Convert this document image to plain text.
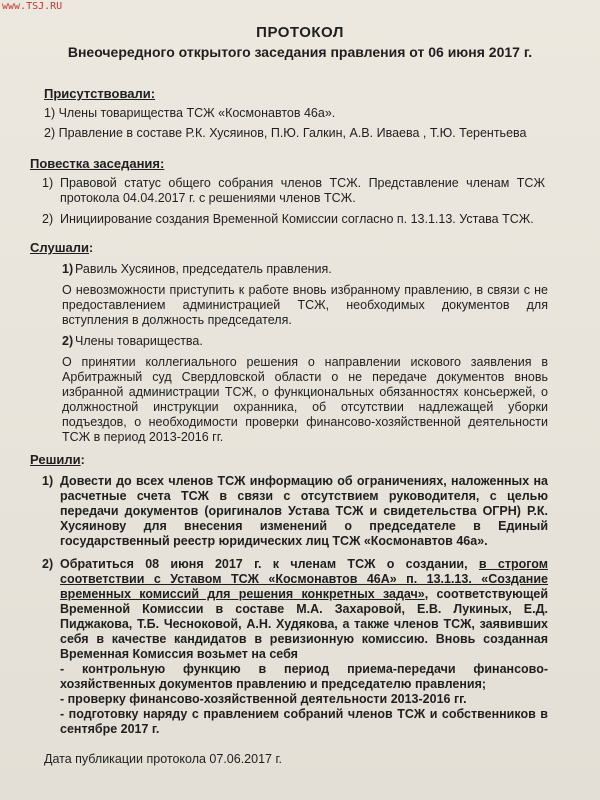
www.TSJ.RU
ПРОТОКОЛ
Внеочередного открытого заседания правления от 06 июня 2017 г.
Присутствовали:
1) Члены товарищества ТСЖ «Космонавтов 46а».
2) Правление в составе Р.К. Хусяинов, П.Ю. Галкин, А.В. Иваева , Т.Ю. Терентьева
Повестка заседания:
1) Правовой статус общего собрания членов ТСЖ. Представление членам ТСЖ протокола 04.04.2017 г. с решениями членов ТСЖ.
2) Инициирование создания Временной Комиссии согласно п. 13.1.13. Устава ТСЖ.
Слушали:
1) Равиль Хусяинов, председатель правления.
О невозможности приступить к работе вновь избранному правлению, в связи с не предоставлением администрацией ТСЖ, необходимых документов для вступления в должность председателя.
2) Члены товарищества.
О принятии коллегиального решения о направлении искового заявления в Арбитражный суд Свердловской области о не передаче документов вновь избранной администрации ТСЖ, о функциональных обязанностях консьержей, о должностной инструкции охранника, об отсутствии надлежащей уборки подъездов, о необходимости проверки финансово-хозяйственной деятельности ТСЖ в период 2013-2016 гг.
Решили:
1) Довести до всех членов ТСЖ информацию об ограничениях, наложенных на расчетные счета ТСЖ в связи с отсутствием руководителя, с целью передачи документов (оригиналов Устава ТСЖ и свидетельства ОГРН) Р.К. Хусяинову для внесения изменений о председателе в Единый государственный реестр юридических лиц ТСЖ «Космонавтов 46а».
2) Обратиться 08 июня 2017 г. к членам ТСЖ о создании, в строгом соответствии с Уставом ТСЖ «Космонавтов 46А» п. 13.1.13. «Создание временных комиссий для решения конкретных задач», соответствующей Временной Комиссии в составе М.А. Захаровой, Е.В. Лукиных, Е.Д. Пиджакова, Т.Б. Чесноковой, А.Н. Худякова, а также членов ТСЖ, заявивших себя в качестве кандидатов в ревизионную комиссию. Вновь созданная Временная Комиссия возьмет на себя
- контрольную функцию в период приема-передачи финансово-хозяйственных документов правлению и председателю правления;
- проверку финансово-хозяйственной деятельности 2013-2016 гг.
- подготовку наряду с правлением собраний членов ТСЖ и собственников в сентябре 2017 г.
Дата публикации протокола 07.06.2017 г.
